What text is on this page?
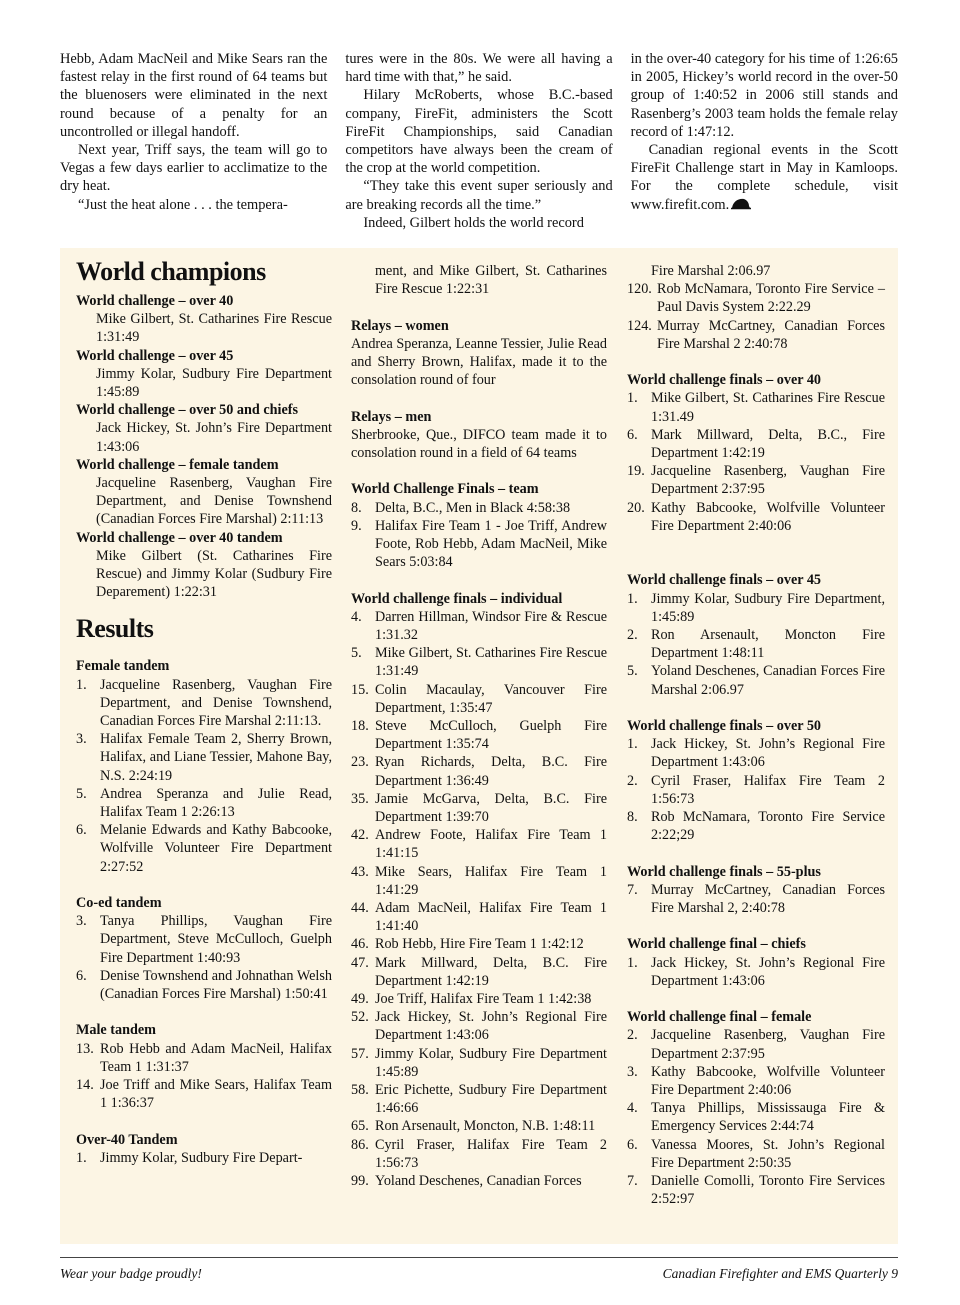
Hebb, Adam MacNeil and Mike Sears ran the fastest relay in the first round of 64 teams but the bluenosers were eliminated in the next round because of a penalty for an uncontrolled or illegal handoff.

Next year, Triff says, the team will go to Vegas a few days earlier to acclimatize to the dry heat.

“Just the heat alone . . . the tempera-

tures were in the 80s. We were all having a hard time with that,” he said.

Hilary McRoberts, whose B.C.-based company, FireFit, administers the Scott FireFit Championships, said Canadian competitors have always been the cream of the crop at the world competition.

“They take this event super seriously and are breaking records all the time.”

Indeed, Gilbert holds the world record

in the over-40 category for his time of 1:26:65 in 2005, Hickey’s world record in the over-50 group of 1:40:52 in 2006 still stands and Rasenberg’s 2003 team holds the female relay record of 1:47:12.

Canadian regional events in the Scott FireFit Challenge start in May in Kamloops. For the complete schedule, visit www.firefit.com.

World champions
World challenge – over 40
Mike Gilbert, St. Catharines Fire Rescue 1:31:49
World challenge – over 45
Jimmy Kolar, Sudbury Fire Department 1:45:89
World challenge – over 50 and chiefs
Jack Hickey, St. John’s Fire Department 1:43:06
World challenge – female tandem
Jacqueline Rasenberg, Vaughan Fire Department, and Denise Townshend (Canadian Forces Fire Marshal) 2:11:13
World challenge – over 40 tandem
Mike Gilbert (St. Catharines Fire Rescue) and Jimmy Kolar (Sudbury Fire Deparement) 1:22:31
Results
Female tandem
1. Jacqueline Rasenberg, Vaughan Fire Department, and Denise Townshend, Canadian Forces Fire Marshal 2:11:13.
3. Halifax Female Team 2, Sherry Brown, Halifax, and Liane Tessier, Mahone Bay, N.S. 2:24:19
5. Andrea Speranza and Julie Read, Halifax Team 1 2:26:13
6. Melanie Edwards and Kathy Babcooke, Wolfville Volunteer Fire Department 2:27:52
Co-ed tandem
3. Tanya Phillips, Vaughan Fire Department, Steve McCulloch, Guelph Fire Department 1:40:93
6. Denise Townshend and Johnathan Welsh (Canadian Forces Fire Marshal) 1:50:41
Male tandem
13. Rob Hebb and Adam MacNeil, Halifax Team 1 1:31:37
14. Joe Triff and Mike Sears, Halifax Team 1 1:36:37
Over-40 Tandem
1. Jimmy Kolar, Sudbury Fire Depart-
ment, and Mike Gilbert, St. Catharines Fire Rescue 1:22:31
Relays – women
Andrea Speranza, Leanne Tessier, Julie Read and Sherry Brown, Halifax, made it to the consolation round of four
Relays – men
Sherbrooke, Que., DIFCO team made it to consolation round in a field of 64 teams
World Challenge Finals – team
8. Delta, B.C., Men in Black 4:58:38
9. Halifax Fire Team 1 - Joe Triff, Andrew Foote, Rob Hebb, Adam MacNeil, Mike Sears 5:03:84
World challenge finals – individual
4. Darren Hillman, Windsor Fire & Rescue 1:31.32
5. Mike Gilbert, St. Catharines Fire Rescue 1:31:49
15. Colin Macaulay, Vancouver Fire Department, 1:35:47
18. Steve McCulloch, Guelph Fire Department 1:35:74
23. Ryan Richards, Delta, B.C. Fire Department 1:36:49
35. Jamie McGarva, Delta, B.C. Fire Department 1:39:70
42. Andrew Foote, Halifax Fire Team 1 1:41:15
43. Mike Sears, Halifax Fire Team 1 1:41:29
44. Adam MacNeil, Halifax Fire Team 1 1:41:40
46. Rob Hebb, Hire Fire Team 1 1:42:12
47. Mark Millward, Delta, B.C. Fire Department 1:42:19
49. Joe Triff, Halifax Fire Team 1 1:42:38
52. Jack Hickey, St. John’s Regional Fire Department 1:43:06
57. Jimmy Kolar, Sudbury Fire Department 1:45:89
58. Eric Pichette, Sudbury Fire Department 1:46:66
65. Ron Arsenault, Moncton, N.B. 1:48:11
86. Cyril Fraser, Halifax Fire Team 2 1:56:73
99. Yoland Deschenes, Canadian Forces
Fire Marshal 2:06.97
120. Rob McNamara, Toronto Fire Service – Paul Davis System 2:22.29
124. Murray McCartney, Canadian Forces Fire Marshal 2 2:40:78
World challenge finals – over 40
1. Mike Gilbert, St. Catharines Fire Rescue 1:31.49
6. Mark Millward, Delta, B.C., Fire Department 1:42:19
19. Jacqueline Rasenberg, Vaughan Fire Department 2:37:95
20. Kathy Babcooke, Wolfville Volunteer Fire Department 2:40:06
World challenge finals – over 45
1. Jimmy Kolar, Sudbury Fire Department, 1:45:89
2. Ron Arsenault, Moncton Fire Department 1:48:11
5. Yoland Deschenes, Canadian Forces Fire Marshal 2:06.97
World challenge finals – over 50
1. Jack Hickey, St. John’s Regional Fire Department 1:43:06
2. Cyril Fraser, Halifax Fire Team 2 1:56:73
8. Rob McNamara, Toronto Fire Service 2:22;29
World challenge finals – 55-plus
7. Murray McCartney, Canadian Forces Fire Marshal 2, 2:40:78
World challenge final – chiefs
1. Jack Hickey, St. John’s Regional Fire Department 1:43:06
World challenge final – female
2. Jacqueline Rasenberg, Vaughan Fire Department 2:37:95
3. Kathy Babcooke, Wolfville Volunteer Fire Department 2:40:06
4. Tanya Phillips, Mississauga Fire & Emergency Services 2:44:74
6. Vanessa Moores, St. John’s Regional Fire Department 2:50:35
7. Danielle Comolli, Toronto Fire Services 2:52:97
Wear your badge proudly!	Canadian Firefighter and EMS Quarterly 9
